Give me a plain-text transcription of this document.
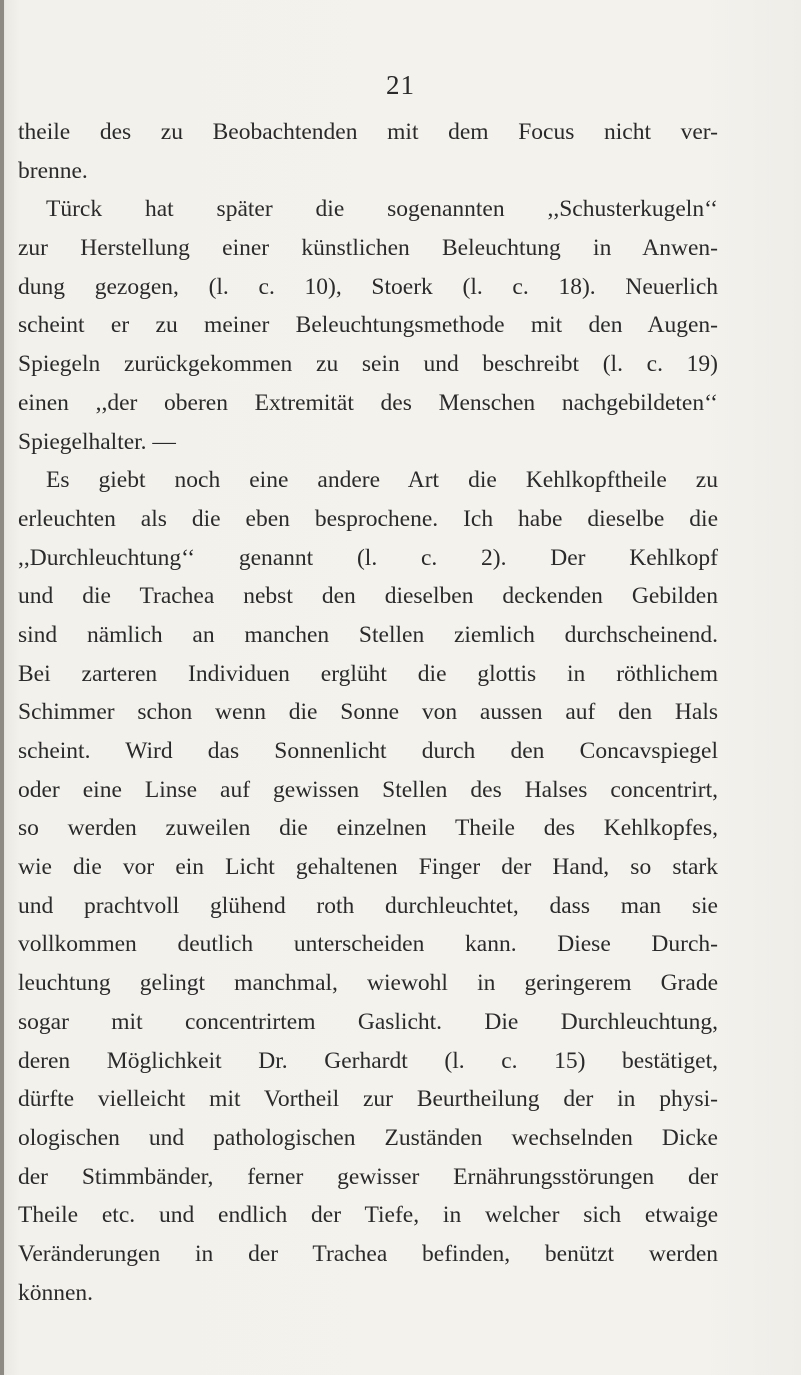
21
theile des zu Beobachtenden mit dem Focus nicht ver-
brenne.
Türck hat später die sogenannten ,,Schusterkugeln‘‘
zur Herstellung einer künstlichen Beleuchtung in Anwen-
dung gezogen, (l. c. 10), Stoerk (l. c. 18). Neuerlich
scheint er zu meiner Beleuchtungsmethode mit den Augen-
Spiegeln zurückgekommen zu sein und beschreibt (l. c. 19)
einen ,,der oberen Extremität des Menschen nachgebildeten‘‘
Spiegelhalter. —
Es giebt noch eine andere Art die Kehlkopftheile zu
erleuchten als die eben besprochene. Ich habe dieselbe die
,,Durchleuchtung‘‘ genannt (l. c. 2). Der Kehlkopf
und die Trachea nebst den dieselben deckenden Gebilden
sind nämlich an manchen Stellen ziemlich durchscheinend.
Bei zarteren Individuen erglüht die glottis in röthlichem
Schimmer schon wenn die Sonne von aussen auf den Hals
scheint. Wird das Sonnenlicht durch den Concavspiegel
oder eine Linse auf gewissen Stellen des Halses concentrirt,
so werden zuweilen die einzelnen Theile des Kehlkopfes,
wie die vor ein Licht gehaltenen Finger der Hand, so stark
und prachtvoll glühend roth durchleuchtet, dass man sie
vollkommen deutlich unterscheiden kann. Diese Durch-
leuchtung gelingt manchmal, wiewohl in geringerem Grade
sogar mit concentrirtem Gaslicht. Die Durchleuchtung,
deren Möglichkeit Dr. Gerhardt (l. c. 15) bestätiget,
dürfte vielleicht mit Vortheil zur Beurtheilung der in physi-
ologischen und pathologischen Zuständen wechselnden Dicke
der Stimmbänder, ferner gewisser Ernährungsstörungen der
Theile etc. und endlich der Tiefe, in welcher sich etwaige
Veränderungen in der Trachea befinden, benützt werden
können.
